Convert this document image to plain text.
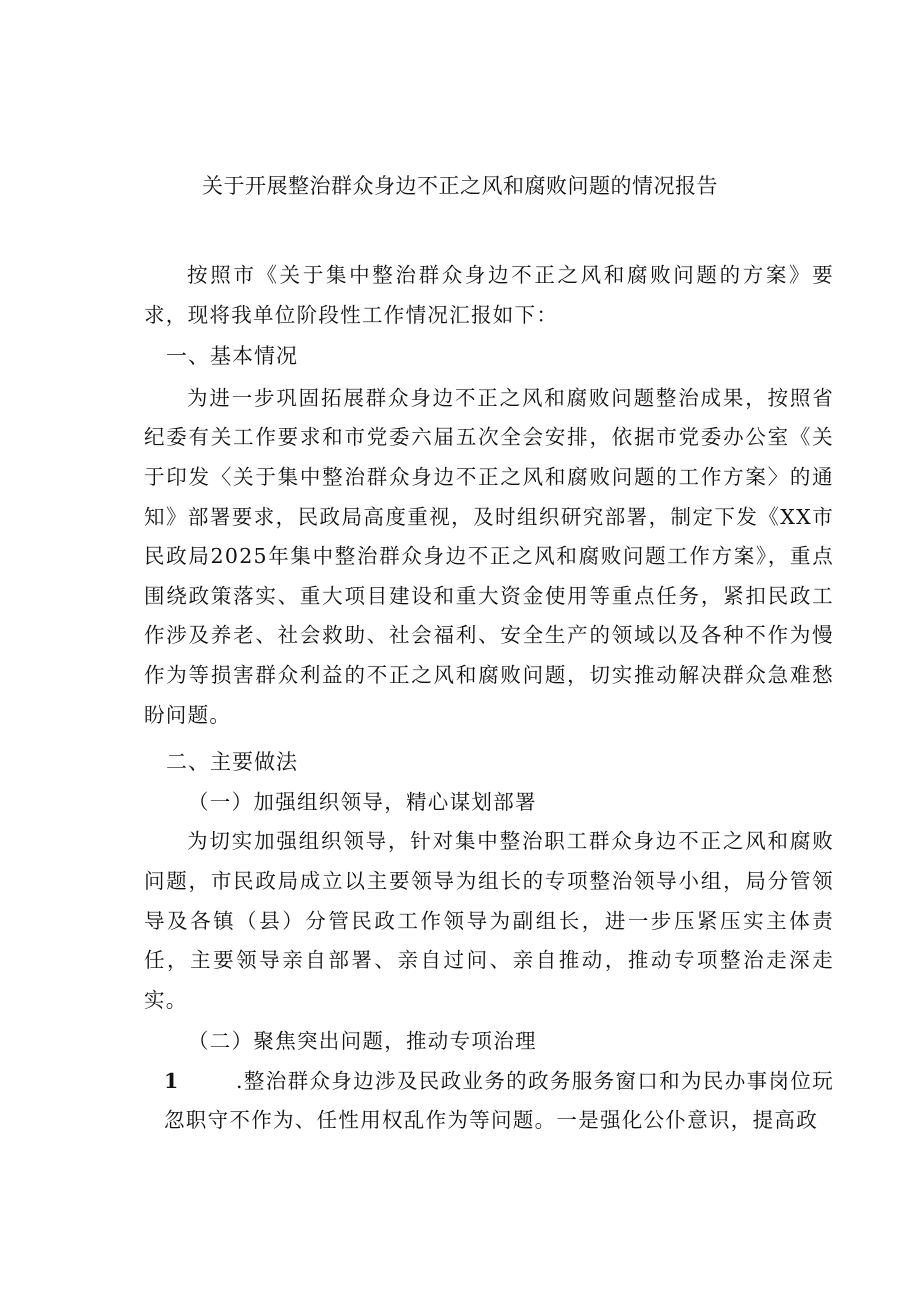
关于开展整治群众身边不正之风和腐败问题的情况报告

按照市《关于集中整治群众身边不正之风和腐败问题的方案》要求，现将我单位阶段性工作情况汇报如下：

一、基本情况

为进一步巩固拓展群众身边不正之风和腐败问题整治成果，按照省纪委有关工作要求和市党委六届五次全会安排，依据市党委办公室《关于印发〈关于集中整治群众身边不正之风和腐败问题的工作方案〉的通知》部署要求，民政局高度重视，及时组织研究部署，制定下发《XX市民政局2025年集中整治群众身边不正之风和腐败问题工作方案》，重点围绕政策落实、重大项目建设和重大资金使用等重点任务，紧扣民政工作涉及养老、社会救助、社会福利、安全生产的领域以及各种不作为慢作为等损害群众利益的不正之风和腐败问题，切实推动解决群众急难愁盼问题。

二、主要做法

（一）加强组织领导，精心谋划部署

为切实加强组织领导，针对集中整治职工群众身边不正之风和腐败问题，市民政局成立以主要领导为组长的专项整治领导小组，局分管领导及各镇（县）分管民政工作领导为副组长，进一步压紧压实主体责任，主要领导亲自部署、亲自过问、亲自推动，推动专项整治走深走实。

（二）聚焦突出问题，推动专项治理

1	.整治群众身边涉及民政业务的政务服务窗口和为民办事岗位玩忽职守不作为、任性用权乱作为等问题。一是强化公仆意识，提高政
